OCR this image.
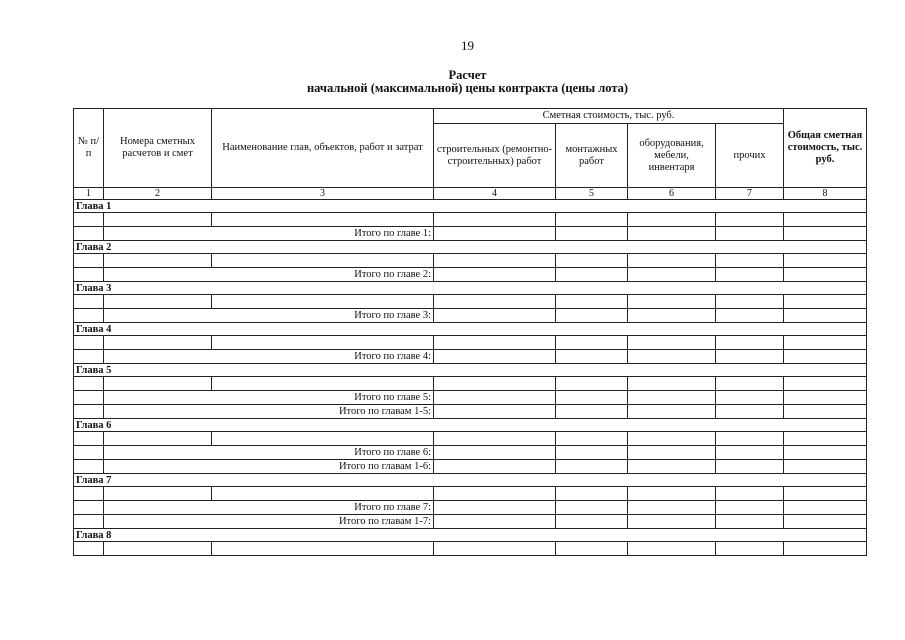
19
Расчет
начальной (максимальной) цены контракта (цены лота)
№ п/п	Номера сметных расчетов и смет	Наименование глав, объектов, работ и затрат	Сметная стоимость, тыс. руб.				Общая сметная стоимость, тыс. руб.
			строительных (ремонтно-строительных) работ	монтажных работ	оборудования, мебели, инвентаря	прочих	
1	2	3	4	5	6	7	8
Глава 1							

	Итого по главе 1:						
Глава 2							

	Итого по главе 2:						
Глава 3							

	Итого по главе 3:						
Глава 4							

	Итого по главе 4:						
Глава 5							

	Итого по главе 5:						
	Итого по главам 1-5:						
Глава 6							

	Итого по главе 6:						
	Итого по главам 1-6:						
Глава 7							

	Итого по главе 7:						
	Итого по главам 1-7:						
Глава 8							
